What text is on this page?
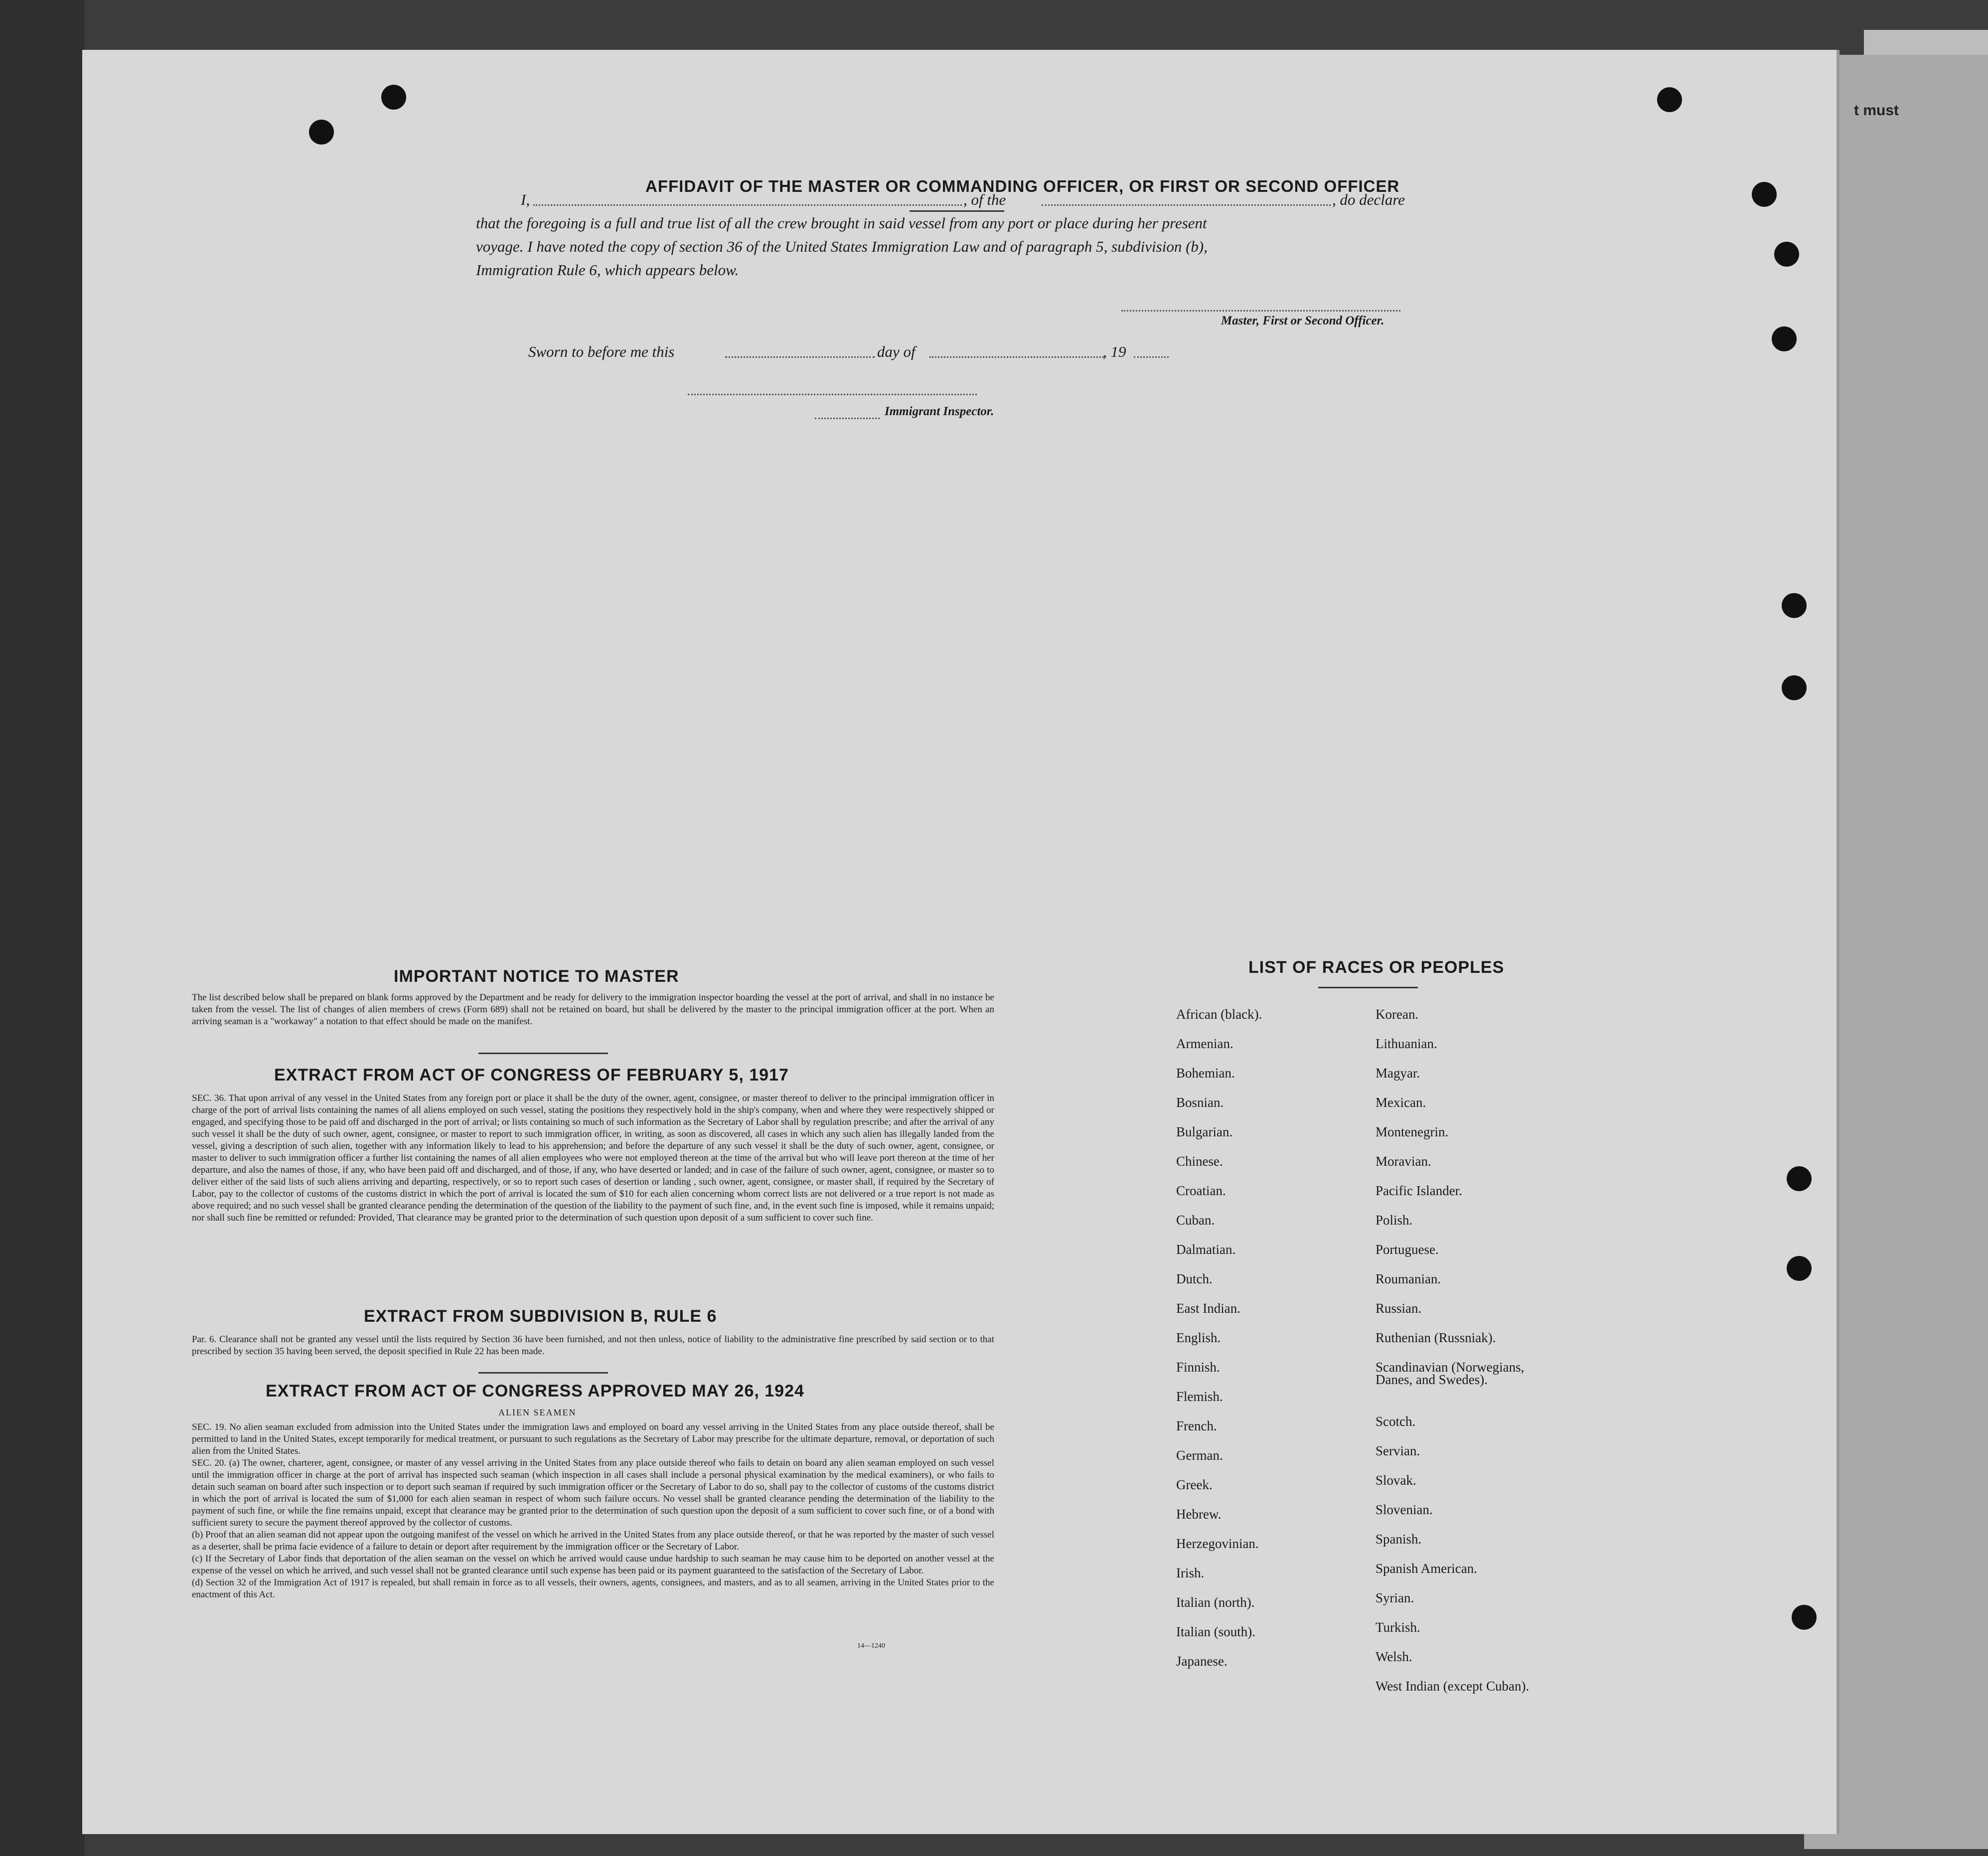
t must
AFFIDAVIT OF THE MASTER OR COMMANDING OFFICER, OR FIRST OR SECOND OFFICER
I,	, of the	, do declare
that the foregoing is a full and true list of all the crew brought in said vessel from any port or place during her present
voyage. I have noted the copy of section 36 of the United States Immigration Law and of paragraph 5, subdivision (b),
Immigration Rule 6, which appears below.
Master, First or Second Officer.
Sworn to before me this	day of	, 19
Immigrant Inspector.
IMPORTANT NOTICE TO MASTER
The list described below shall be prepared on blank forms approved by the Department and be ready for delivery to the immigration inspector boarding the vessel at the port of arrival, and shall in no instance be taken from the vessel. The list of changes of alien members of crews (Form 689) shall not be retained on board, but shall be delivered by the master to the principal immigration officer at the port. When an arriving seaman is a "workaway" a notation to that effect should be made on the manifest.
EXTRACT FROM ACT OF CONGRESS OF FEBRUARY 5, 1917
SEC. 36. That upon arrival of any vessel in the United States from any foreign port or place it shall be the duty of the owner, agent, consignee, or master thereof to deliver to the principal immigration officer in charge of the port of arrival lists containing the names of all aliens employed on such vessel, stating the positions they respectively hold in the ship's company, when and where they were respectively shipped or engaged, and specifying those to be paid off and discharged in the port of arrival; or lists containing so much of such information as the Secretary of Labor shall by regulation prescribe; and after the arrival of any such vessel it shall be the duty of such owner, agent, consignee, or master to report to such immigration officer, in writing, as soon as discovered, all cases in which any such alien has illegally landed from the vessel, giving a description of such alien, together with any information likely to lead to his apprehension; and before the departure of any such vessel it shall be the duty of such owner, agent, consignee, or master to deliver to such immigration officer a further list containing the names of all alien employees who were not employed thereon at the time of the arrival but who will leave port thereon at the time of her departure, and also the names of those, if any, who have been paid off and discharged, and of those, if any, who have deserted or landed; and in case of the failure of such owner, agent, consignee, or master so to deliver either of the said lists of such aliens arriving and departing, respectively, or so to report such cases of desertion or landing , such owner, agent, consignee, or master shall, if required by the Secretary of Labor, pay to the collector of customs of the customs district in which the port of arrival is located the sum of $10 for each alien concerning whom correct lists are not delivered or a true report is not made as above required; and no such vessel shall be granted clearance pending the determination of the question of the liability to the payment of such fine, and, in the event such fine is imposed, while it remains unpaid; nor shall such fine be remitted or refunded: Provided, That clearance may be granted prior to the determination of such question upon deposit of a sum sufficient to cover such fine.
EXTRACT FROM SUBDIVISION B, RULE 6
Par. 6. Clearance shall not be granted any vessel until the lists required by Section 36 have been furnished, and not then unless, notice of liability to the administrative fine prescribed by said section or to that prescribed by section 35 having been served, the deposit specified in Rule 22 has been made.
EXTRACT FROM ACT OF CONGRESS APPROVED MAY 26, 1924
ALIEN SEAMEN
SEC. 19. No alien seaman excluded from admission into the United States under the immigration laws and employed on board any vessel arriving in the United States from any place outside thereof, shall be permitted to land in the United States, except temporarily for medical treatment, or pursuant to such regulations as the Secretary of Labor may prescribe for the ultimate departure, removal, or deportation of such alien from the United States.
SEC. 20. (a) The owner, charterer, agent, consignee, or master of any vessel arriving in the United States from any place outside thereof who fails to detain on board any alien seaman employed on such vessel until the immigration officer in charge at the port of arrival has inspected such seaman (which inspection in all cases shall include a personal physical examination by the medical examiners), or who fails to detain such seaman on board after such inspection or to deport such seaman if required by such immigration officer or the Secretary of Labor to do so, shall pay to the collector of customs of the customs district in which the port of arrival is located the sum of $1,000 for each alien seaman in respect of whom such failure occurs. No vessel shall be granted clearance pending the determination of the liability to the payment of such fine, or while the fine remains unpaid, except that clearance may be granted prior to the determination of such question upon the deposit of a sum sufficient to cover such fine, or of a bond with sufficient surety to secure the payment thereof approved by the collector of customs.
(b) Proof that an alien seaman did not appear upon the outgoing manifest of the vessel on which he arrived in the United States from any place outside thereof, or that he was reported by the master of such vessel as a deserter, shall be prima facie evidence of a failure to detain or deport after requirement by the immigration officer or the Secretary of Labor.
(c) If the Secretary of Labor finds that deportation of the alien seaman on the vessel on which he arrived would cause undue hardship to such seaman he may cause him to be deported on another vessel at the expense of the vessel on which he arrived, and such vessel shall not be granted clearance until such expense has been paid or its payment guaranteed to the satisfaction of the Secretary of Labor.
(d) Section 32 of the Immigration Act of 1917 is repealed, but shall remain in force as to all vessels, their owners, agents, consignees, and masters, and as to all seamen, arriving in the United States prior to the enactment of this Act.
14—1240
LIST OF RACES OR PEOPLES
African (black).
Armenian.
Bohemian.
Bosnian.
Bulgarian.
Chinese.
Croatian.
Cuban.
Dalmatian.
Dutch.
East Indian.
English.
Finnish.
Flemish.
French.
German.
Greek.
Hebrew.
Herzegovinian.
Irish.
Italian (north).
Italian (south).
Japanese.
Korean.
Lithuanian.
Magyar.
Mexican.
Montenegrin.
Moravian.
Pacific Islander.
Polish.
Portuguese.
Roumanian.
Russian.
Ruthenian (Russniak).
Scandinavian (Norwegians,
Danes, and Swedes).
Scotch.
Servian.
Slovak.
Slovenian.
Spanish.
Spanish American.
Syrian.
Turkish.
Welsh.
West Indian (except Cuban).
